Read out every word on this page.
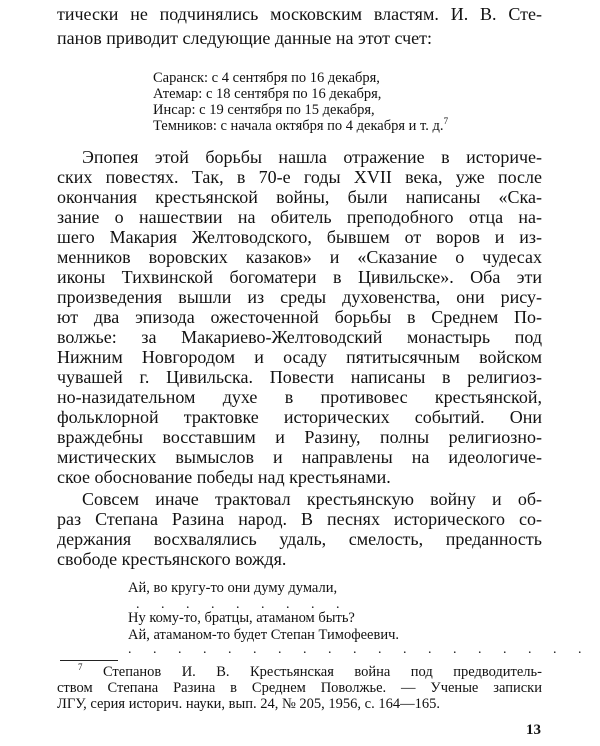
тически не подчинялись московским властям. И. В. Сте-
панов приводит следующие данные на этот счет:
Саранск: с 4 сентября по 16 декабря,
Атемар: с 18 сентября по 16 декабря,
Инсар: с 19 сентября по 15 декабря,
Темников: с начала октября по 4 декабря и т. д.$^7$
Эпопея этой борьбы нашла отражение в историче-
ских повестях. Так, в 70-е годы XVII века, уже после
окончания крестьянской войны, были написаны «Ска-
зание о нашествии на обитель преподобного отца на-
шего Макария Желтоводского, бывшем от воров и из-
менников воровских казаков» и «Сказание о чудесах
иконы Тихвинской богоматери в Цивильске». Оба эти
произведения вышли из среды духовенства, они рису-
ют два эпизода ожесточенной борьбы в Среднем По-
волжье: за Макариево-Желтоводский монастырь под
Нижним Новгородом и осаду пятитысячным войском
чувашей г. Цивильска. Повести написаны в религиоз-
но-назидательном духе в противовес крестьянской,
фольклорной трактовке исторических событий. Они
враждебны восставшим и Разину, полны религиозно-
мистических вымыслов и направлены на идеологиче-
ское обоснование победы над крестьянами.
Совсем иначе трактовал крестьянскую войну и об-
раз Степана Разина народ. В песнях исторического со-
держания восхвалялись удаль, смелость, преданность
свободе крестьянского вождя.
Ай, во кругу-то они думу думали,
. . . . . . . . .
Ну кому-то, братцы, атаманом быть?
Ай, атаманом-то будет Степан Тимофеевич.
. . . . . . . . . . . . . . . . . . .
$^7$ Степанов И. В. Крестьянская война под предводитель-
ством Степана Разина в Среднем Поволжье. — Ученые записки
ЛГУ, серия историч. науки, вып. 24, № 205, 1956, с. 164—165.
13
